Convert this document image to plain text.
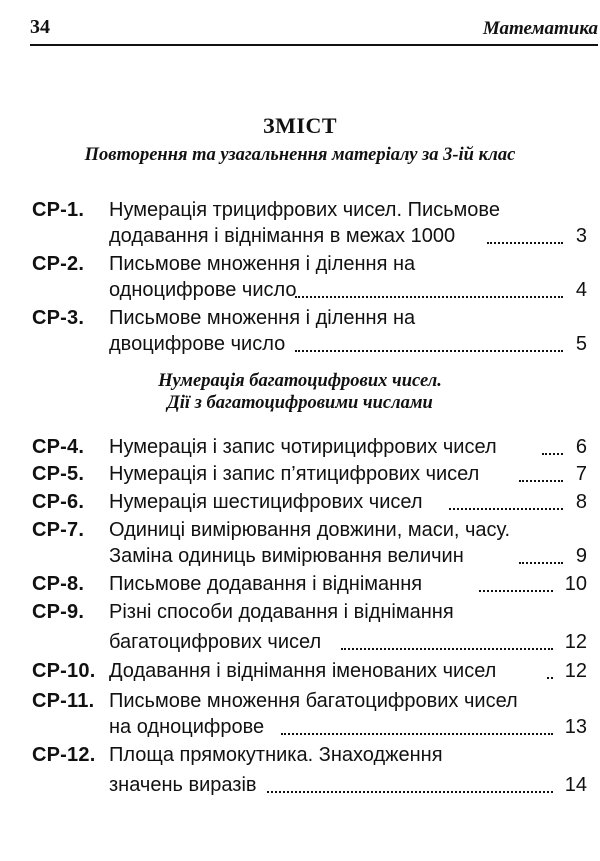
34	Математика
ЗМІСТ
Повторення та узагальнення матеріалу за 3-ій клас
Нумерація багатоцифрових чисел.
Дії з багатоцифровими числами
СР-1. Нумерація трицифрових чисел. Письмове
додавання і віднімання в межах 1000	3
СР-2. Письмове множення і ділення на
одноцифрове число	4
СР-3. Письмове множення і ділення на
двоцифрове число	5
СР-4. Нумерація і запис чотирицифрових чисел	6
СР-5. Нумерація і запис п’ятицифрових чисел	7
СР-6. Нумерація шестицифрових чисел	8
СР-7. Одиниці вимірювання довжини, маси, часу.
Заміна одиниць вимірювання величин	9
СР-8. Письмове додавання і віднімання	10
СР-9. Різні способи додавання і віднімання
багатоцифрових чисел	12
СР-10. Додавання і віднімання іменованих чисел	12
СР-11. Письмове множення багатоцифрових чисел
на одноцифрове	13
СР-12. Площа прямокутника. Знаходження
значень виразів	14
